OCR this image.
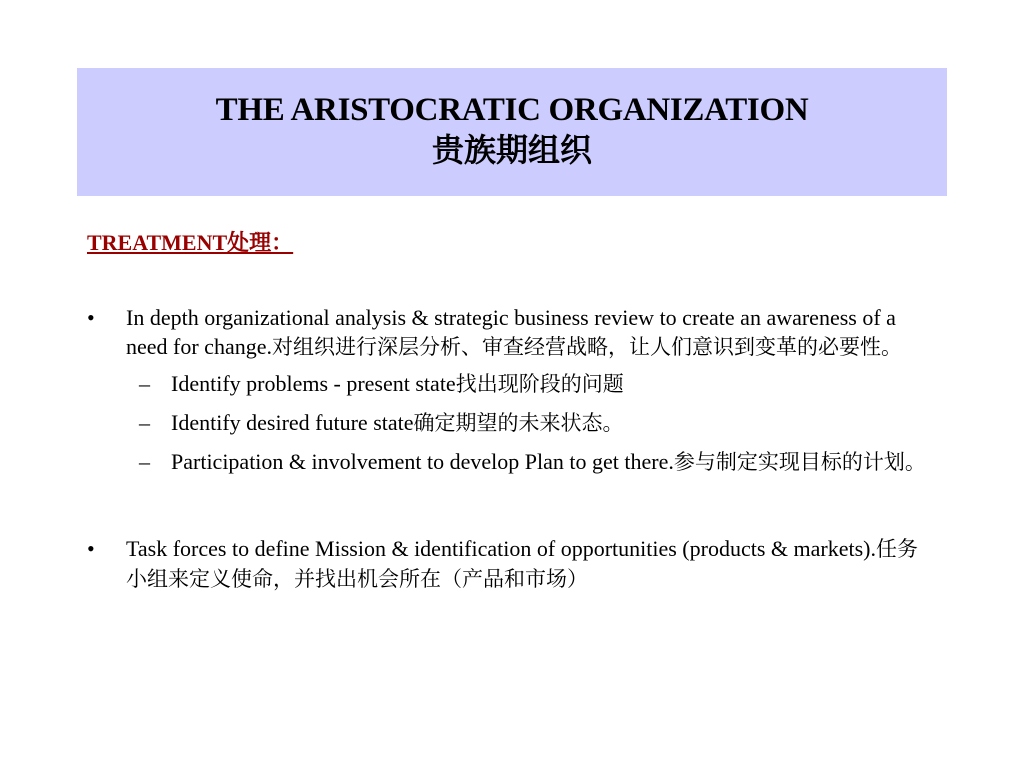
THE ARISTOCRATIC ORGANIZATION
贵族期组织
TREATMENT处理：
• In depth organizational analysis & strategic business review to create an awareness of a need for change.对组织进行深层分析、审查经营战略，让人们意识到变革的必要性。
– Identify problems - present state找出现阶段的问题
– Identify desired future state确定期望的未来状态。
– Participation & involvement to develop Plan to get there.参与制定实现目标的计划。
• Task forces to define Mission & identification of opportunities (products & markets).任务小组来定义使命，并找出机会所在（产品和市场）
